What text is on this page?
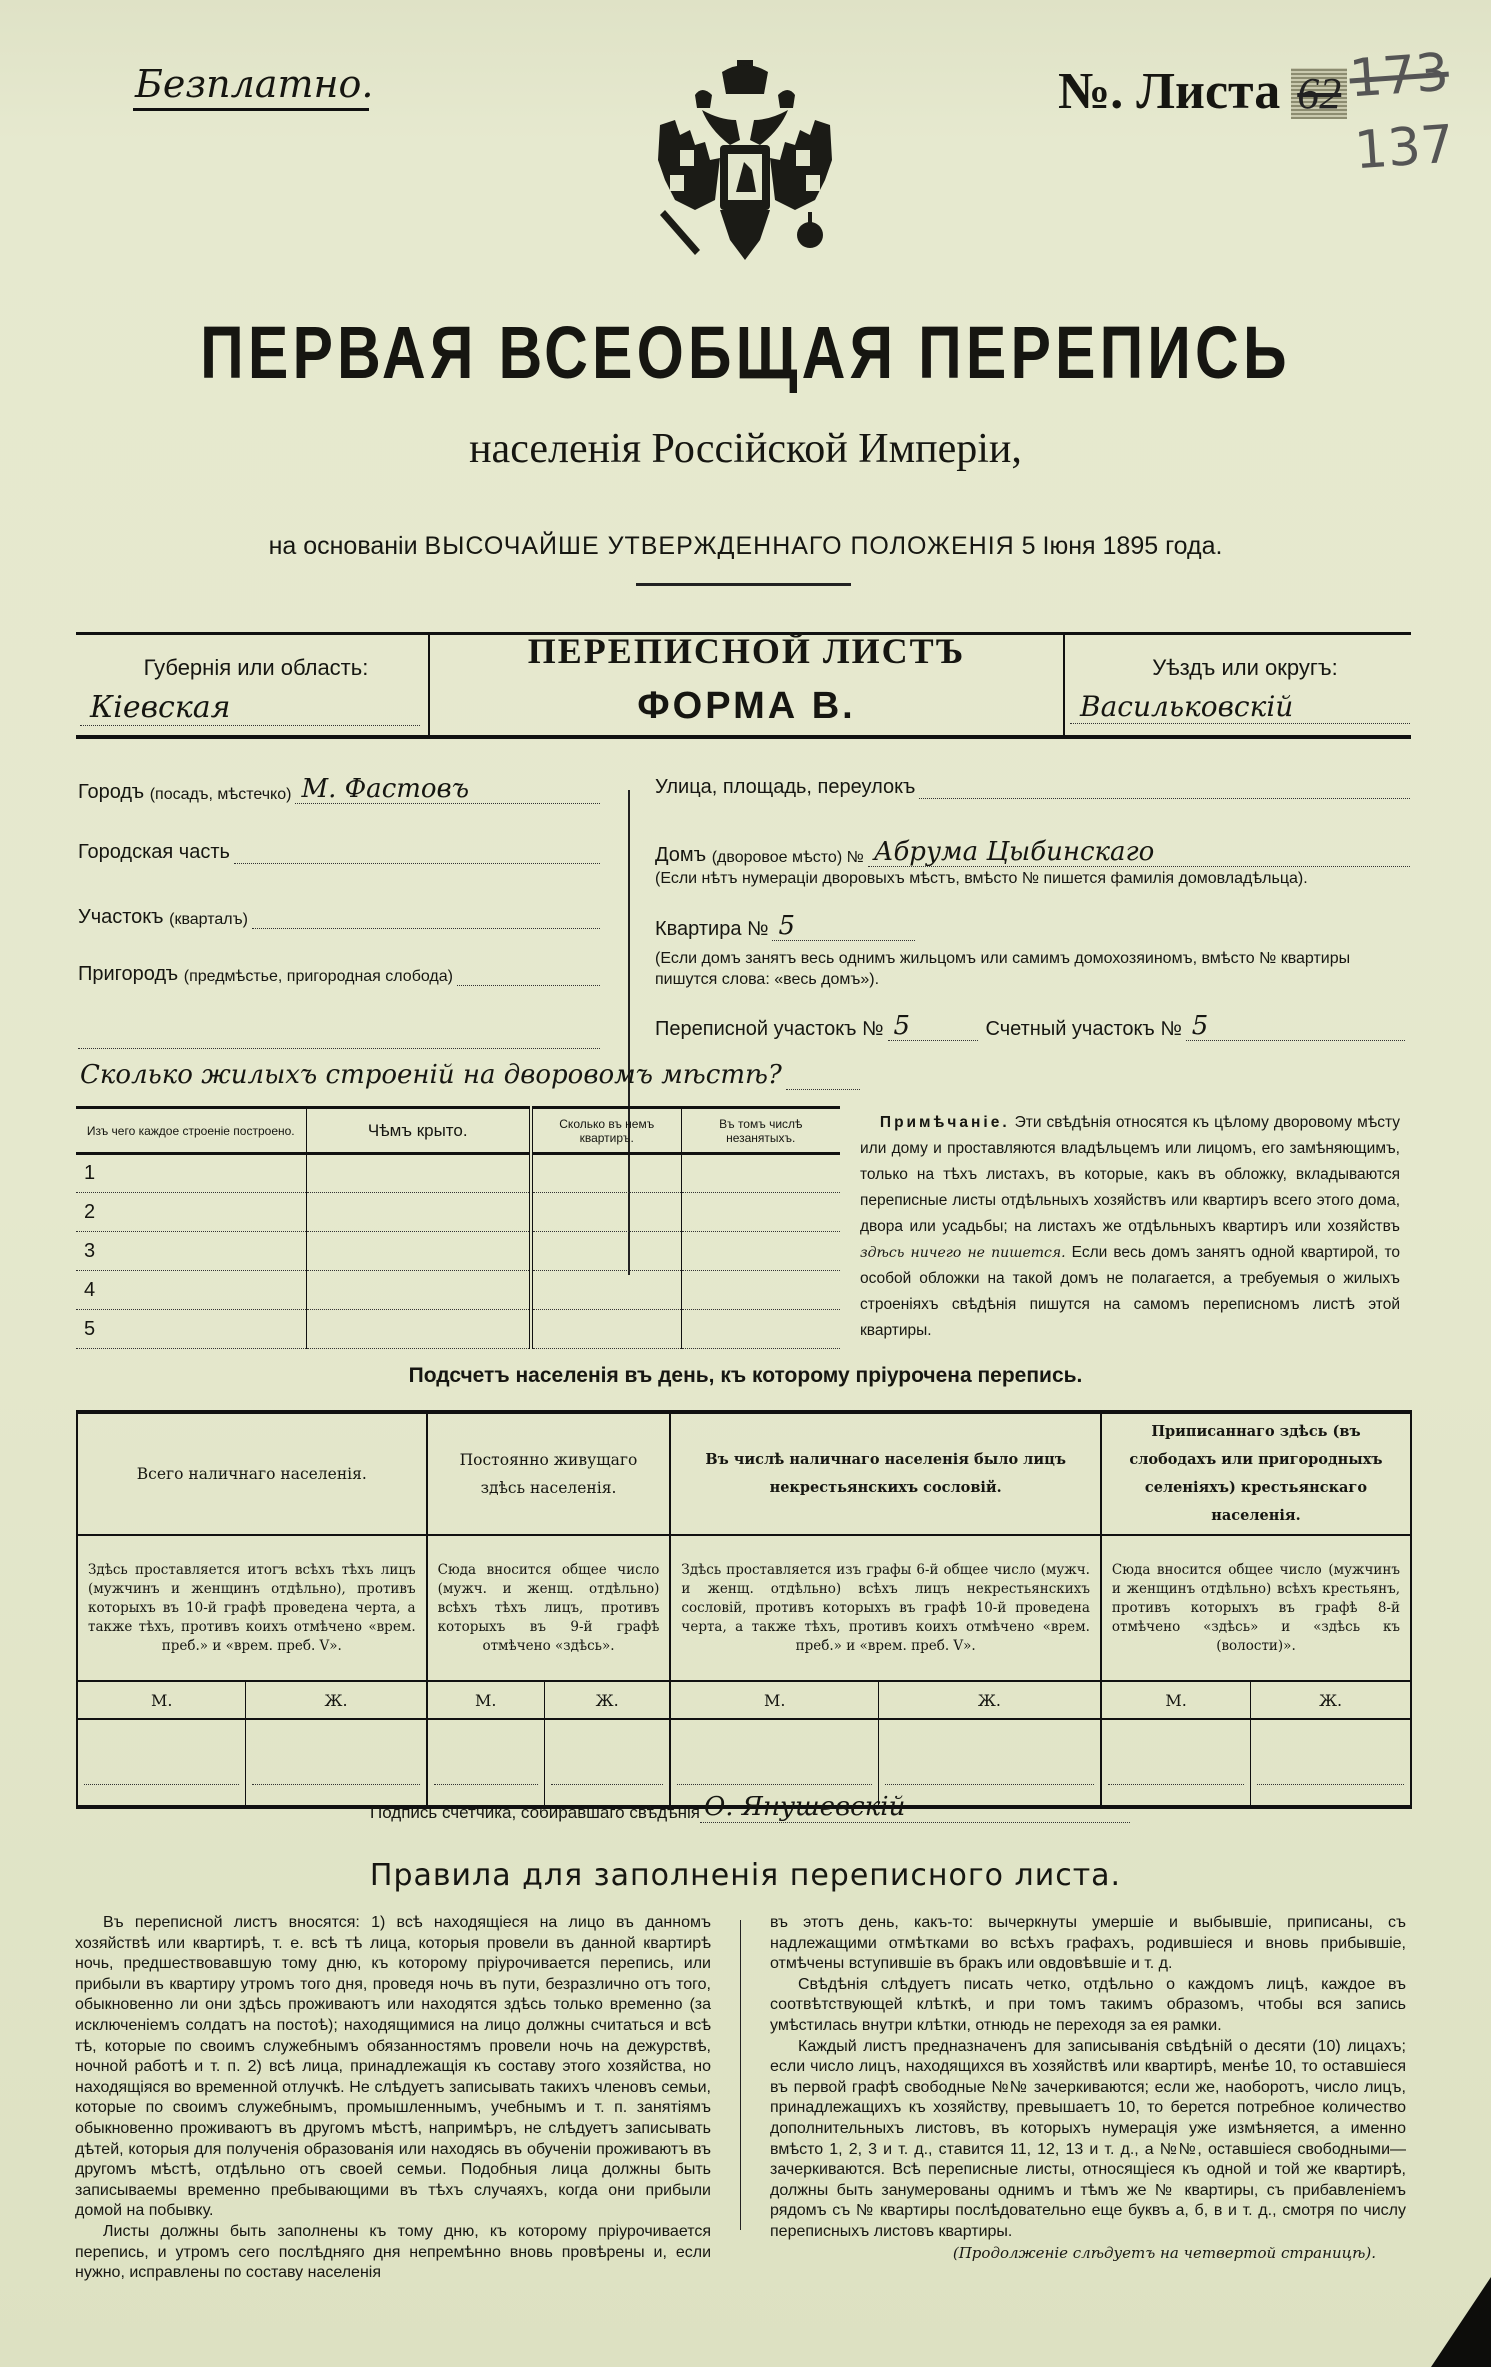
Безплатно.	№. Листа 62 173
137
ПЕРВАЯ ВСЕОБЩАЯ ПЕРЕПИСЬ
населенія Россійской Имперіи,
на основаніи ВЫСОЧАЙШЕ УТВЕРЖДЕННАГО ПОЛОЖЕНІЯ 5 Іюня 1895 года.
Губернія или область:
Кіевская
ПЕРЕПИСНОЙ ЛИСТЪ
ФОРМА В.
Уѣздъ или округъ:
Васильковскій
Городъ
(посадъ, мѣстечко) М. Фастовъ
Городская часть
Участокъ
(кварталъ)
Пригородъ
(предмѣстье, пригородная слобода)
Улица, площадь, переулокъ
Домъ
(дворовое мѣсто) № Абрума Цыбинскаго
(Если нѣтъ нумераціи дворовыхъ мѣстъ, вмѣсто № пишется фамилія домовладѣльца).
Квартира № 5
(Если домъ занятъ весь однимъ жильцомъ или самимъ домохозяиномъ, вмѣсто № квартиры пишутся слова: «весь домъ»).
Переписной участокъ № 5	Счетный участокъ № 5
Сколько жилыхъ строеній на дворовомъ мѣстѣ?
Изъ чего каждое строеніе построено.	Чѣмъ крыто.	Сколько въ немъ квартиръ.	Въ томъ числѣ незанятыхъ.
1			
2			
3			
4			
5			
Примѣчаніе. Эти свѣдѣнія относятся къ цѣлому дворовому мѣсту или дому и проставляются владѣльцемъ или лицомъ, его замѣняющимъ, только на тѣхъ листахъ, въ которые, какъ въ обложку, вкладываются переписные листы отдѣльныхъ хозяйствъ или квартиръ всего этого дома, двора или усадьбы; на листахъ же отдѣльныхъ квартиръ или хозяйствъ здѣсь ничего не пишется. Если весь домъ занятъ одной квартирой, то особой обложки на такой домъ не полагается, а требуемыя о жилыхъ строеніяхъ свѣдѣнія пишутся на самомъ переписномъ листѣ этой квартиры.
Подсчетъ населенія въ день, къ которому пріурочена перепись.
Всего наличнаго населенія.		Постоянно живущаго здѣсь населенія.		Въ числѣ наличнаго населенія было лицъ некрестьянскихъ сословій.		Приписаннаго здѣсь (въ слободахъ или пригородныхъ селеніяхъ) крестьянскаго населенія.	
Здѣсь проставляется итогъ всѣхъ тѣхъ лицъ (мужчинъ и женщинъ отдѣльно), противъ которыхъ въ 10-й графѣ проведена черта, а также тѣхъ, противъ коихъ отмѣчено «врем. преб.» и «врем. преб. V».		Сюда вносится общее число (мужч. и женщ. отдѣльно) всѣхъ тѣхъ лицъ, противъ которыхъ въ 9-й графѣ отмѣчено «здѣсь».		Здѣсь проставляется изъ графы 6-й общее число (мужч. и женщ. отдѣльно) всѣхъ лицъ некрестьянскихъ сословій, противъ которыхъ въ графѣ 10-й проведена черта, а также тѣхъ, противъ коихъ отмѣчено «врем. преб.» и «врем. преб. V».		Сюда вносится общее число (мужчинъ и женщинъ отдѣльно) всѣхъ крестьянъ, противъ которыхъ въ графѣ 8-й отмѣчено «здѣсь» и «здѣсь къ (волости)».	
М.	Ж.	М.	Ж.	М.	Ж.	М.	Ж.

Подпись счетчика, собиравшаго свѣдѣнія О. Янушевскій
Правила для заполненія переписного листа.

Въ переписной листъ вносятся: 1) всѣ находящіеся на лицо въ данномъ хозяйствѣ или квартирѣ, т. е. всѣ тѣ лица, которыя провели въ данной квартирѣ ночь, предшествовавшую тому дню, къ которому пріурочивается перепись, или прибыли въ квартиру утромъ того дня, проведя ночь въ пути, безразлично отъ того, обыкновенно ли они здѣсь проживаютъ или находятся здѣсь только временно (за исключеніемъ солдатъ на постоѣ); находящимися на лицо должны считаться и всѣ тѣ, которые по своимъ служебнымъ обязанностямъ провели ночь на дежурствѣ, ночной работѣ и т. п. 2) всѣ лица, принадлежащія къ составу этого хозяйства, но находящіяся во временной отлучкѣ. Не слѣдуетъ записывать такихъ членовъ семьи, которые по своимъ служебнымъ, промышленнымъ, учебнымъ и т. п. занятіямъ обыкновенно проживаютъ въ другомъ мѣстѣ, напримѣръ, не слѣдуетъ записывать дѣтей, которыя для полученія образованія или находясь въ обученіи проживаютъ въ другомъ мѣстѣ, отдѣльно отъ своей семьи. Подобныя лица должны быть записываемы временно пребывающими въ тѣхъ случаяхъ, когда они прибыли домой на побывку.

Листы должны быть заполнены къ тому дню, къ которому пріурочивается перепись, и утромъ сего послѣдняго дня непремѣнно вновь провѣрены и, если нужно, исправлены по составу населенія

въ этотъ день, какъ-то: вычеркнуты умершіе и выбывшіе, приписаны, съ надлежащими отмѣтками во всѣхъ графахъ, родившіеся и вновь прибывшіе, отмѣчены вступившіе въ бракъ или овдовѣвшіе и т. д.

Свѣдѣнія слѣдуетъ писать четко, отдѣльно о каждомъ лицѣ, каждое въ соотвѣтствующей клѣткѣ, и при томъ такимъ образомъ, чтобы вся запись умѣстилась внутри клѣтки, отнюдь не переходя за ея рамки.

Каждый листъ предназначенъ для записыванія свѣдѣній о десяти (10) лицахъ; если число лицъ, находящихся въ хозяйствѣ или квартирѣ, менѣе 10, то оставшіеся въ первой графѣ свободные №№ зачеркиваются; если же, наоборотъ, число лицъ, принадлежащихъ къ хозяйству, превышаетъ 10, то берется потребное количество дополнительныхъ листовъ, въ которыхъ нумерація уже измѣняется, а именно вмѣсто 1, 2, 3 и т. д., ставится 11, 12, 13 и т. д., а №№, оставшіеся свободными—зачеркиваются. Всѣ переписные листы, относящіеся къ одной и той же квартирѣ, должны быть занумерованы однимъ и тѣмъ же № квартиры, съ прибавленіемъ рядомъ съ № квартиры послѣдовательно еще буквъ а, б, в и т. д., смотря по числу переписныхъ листовъ квартиры.

(Продолженіе слѣдуетъ на четвертой страницѣ).
